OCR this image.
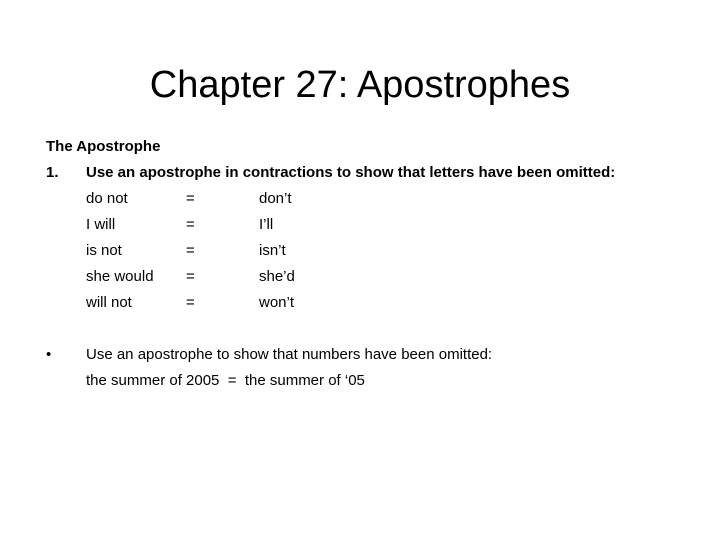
Chapter 27: Apostrophes
The Apostrophe
1. Use an apostrophe in contractions to show that letters have been omitted:
do not	=	don’t
I will	=	I’ll
is not	=	isn’t
she would =	she’d
will not	=	won’t
• Use an apostrophe to show that numbers have been omitted:
the summer of 2005  =  the summer of ‘05
